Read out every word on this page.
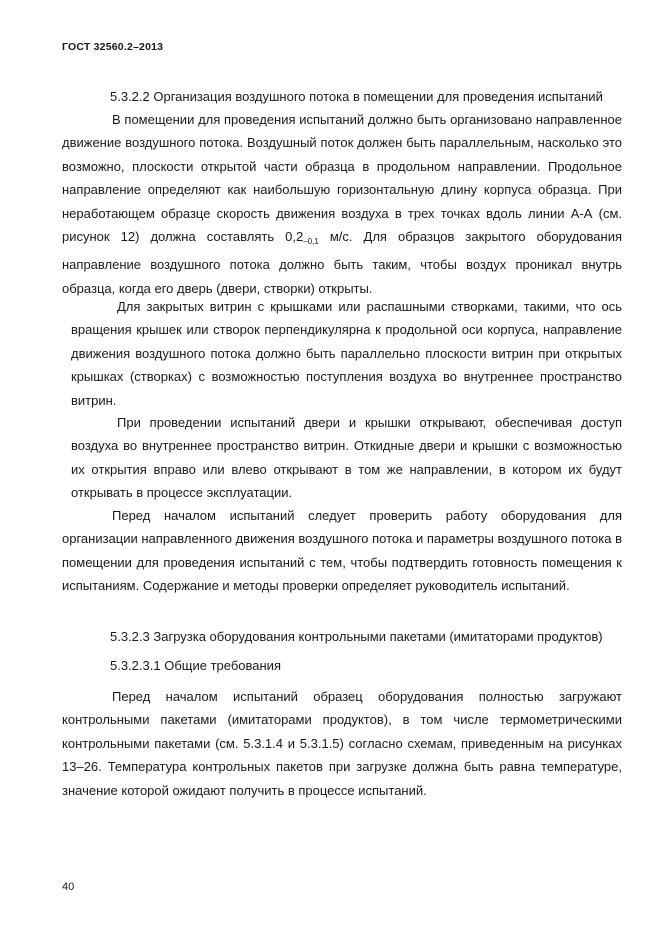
ГОСТ 32560.2–2013
5.3.2.2 Организация воздушного потока в помещении для проведения испытаний
В помещении для проведения испытаний должно быть организовано направленное движение воздушного потока. Воздушный поток должен быть параллельным, насколько это возможно, плоскости открытой части образца в продольном направлении. Продольное направление определяют как наибольшую горизонтальную длину корпуса образца. При неработающем образце скорость движения воздуха в трех точках вдоль линии А-А (см. рисунок 12) должна составлять $0,2_{-0,1}$ м/с. Для образцов закрытого оборудования направление воздушного потока должно быть таким, чтобы воздух проникал внутрь образца, когда его дверь (двери, створки) открыты.
Для закрытых витрин с крышками или распашными створками, такими, что ось вращения крышек или створок перпендикулярна к продольной оси корпуса, направление движения воздушного потока должно быть параллельно плоскости витрин при открытых крышках (створках) с возможностью поступления воздуха во внутреннее пространство витрин.
При проведении испытаний двери и крышки открывают, обеспечивая доступ воздуха во внутреннее пространство витрин. Откидные двери и крышки с возможностью их открытия вправо или влево открывают в том же направлении, в котором их будут открывать в процессе эксплуатации.
Перед началом испытаний следует проверить работу оборудования для организации направленного движения воздушного потока и параметры воздушного потока в помещении для проведения испытаний с тем, чтобы подтвердить готовность помещения к испытаниям. Содержание и методы проверки определяет руководитель испытаний.
5.3.2.3 Загрузка оборудования контрольными пакетами (имитаторами продуктов)
5.3.2.3.1 Общие требования
Перед началом испытаний образец оборудования полностью загружают контрольными пакетами (имитаторами продуктов), в том числе термометрическими контрольными пакетами (см. 5.3.1.4 и 5.3.1.5) согласно схемам, приведенным на рисунках 13–26. Температура контрольных пакетов при загрузке должна быть равна температуре, значение которой ожидают получить в процессе испытаний.
40
